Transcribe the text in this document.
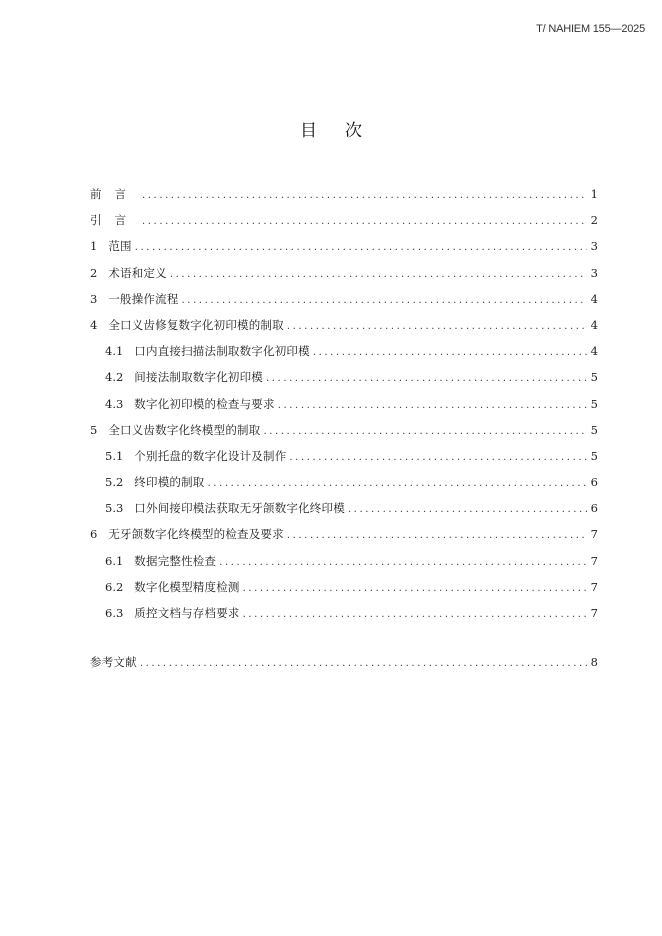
T/ NAHIEM 155—2025
目次
前言 .....	1
引言 .....	2
1 范围 .....	3
2 术语和定义 .....	3
3 一般操作流程 .....	4
4 全口义齿修复数字化初印模的制取 .....	4
4.1 口内直接扫描法制取数字化初印模 .....	4
4.2 间接法制取数字化初印模 .....	5
4.3 数字化初印模的检查与要求 .....	5
5 全口义齿数字化终模型的制取 .....	5
5.1 个别托盘的数字化设计及制作 .....	5
5.2 终印模的制取 .....	6
5.3 口外间接印模法获取无牙颌数字化终印模 .....	6
6 无牙颌数字化终模型的检查及要求 .....	7
6.1 数据完整性检查 .....	7
6.2 数字化模型精度检测 .....	7
6.3 质控文档与存档要求 .....	7
参考文献 .....	8
